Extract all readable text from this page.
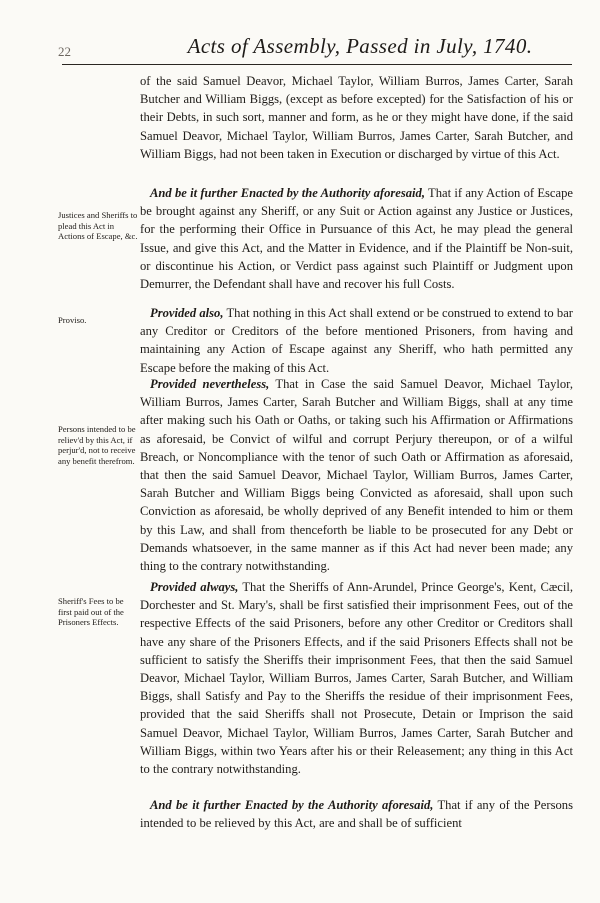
22	Acts of Assembly, Passed in July, 1740.

of the said Samuel Deavor, Michael Taylor, William Burros, James Carter, Sarah Butcher and William Biggs, (except as before excepted) for the Satisfaction of his or their Debts, in such sort, manner and form, as he or they might have done, if the said Samuel Deavor, Michael Taylor, William Burros, James Carter, Sarah Butcher, and William Biggs, had not been taken in Execution or discharged by virtue of this Act.

Justices and Sheriffs to plead this Act in Actions of Escape, &c.

And be it further Enacted by the Authority aforesaid, That if any Action of Escape be brought against any Sheriff, or any Suit or Action against any Justice or Justices, for the performing their Office in Pursuance of this Act, he may plead the general Issue, and give this Act, and the Matter in Evidence, and if the Plaintiff be Non-suit, or discontinue his Action, or Verdict pass against such Plaintiff or Judgment upon Demurrer, the Defendant shall have and recover his full Costs.

Proviso.	Provided also, That nothing in this Act shall extend or be construed to extend to bar any Creditor or Creditors of the before mentioned Prisoners, from having and maintaining any Action of Escape against any Sheriff, who hath permitted any Escape before the making of this Act.

Persons intended to be reliev'd by this Act, if perjur'd, not to receive any benefit therefrom.

Provided nevertheless, That in Case the said Samuel Deavor, Michael Taylor, William Burros, James Carter, Sarah Butcher and William Biggs, shall at any time after making such his Oath or Oaths, or taking such his Affirmation or Affirmations as aforesaid, be Convict of wilful and corrupt Perjury thereupon, or of a wilful Breach, or Noncompliance with the tenor of such Oath or Affirmation as aforesaid, that then the said Samuel Deavor, Michael Taylor, William Burros, James Carter, Sarah Butcher and William Biggs being Convicted as aforesaid, shall upon such Conviction as aforesaid, be wholly deprived of any Benefit intended to him or them by this Law, and shall from thenceforth be liable to be prosecuted for any Debt or Demands whatsoever, in the same manner as if this Act had never been made; any thing to the contrary notwithstanding.

Sheriff's Fees to be first paid out of the Prisoners Effects.

Provided always, That the Sheriffs of Ann-Arundel, Prince George's, Kent, Cæcil, Dorchester and St. Mary's, shall be first satisfied their imprisonment Fees, out of the respective Effects of the said Prisoners, before any other Creditor or Creditors shall have any share of the Prisoners Effects, and if the said Prisoners Effects shall not be sufficient to satisfy the Sheriffs their imprisonment Fees, that then the said Samuel Deavor, Michael Taylor, William Burros, James Carter, Sarah Butcher, and William Biggs, shall Satisfy and Pay to the Sheriffs the residue of their imprisonment Fees, provided that the said Sheriffs shall not Prosecute, Detain or Imprison the said Samuel Deavor, Michael Taylor, William Burros, James Carter, Sarah Butcher and William Biggs, within two Years after his or their Releasement; any thing in this Act to the contrary notwithstanding.

And be it further Enacted by the Authority aforesaid, That if any of the Persons intended to be relieved by this Act, are and shall be of sufficient
